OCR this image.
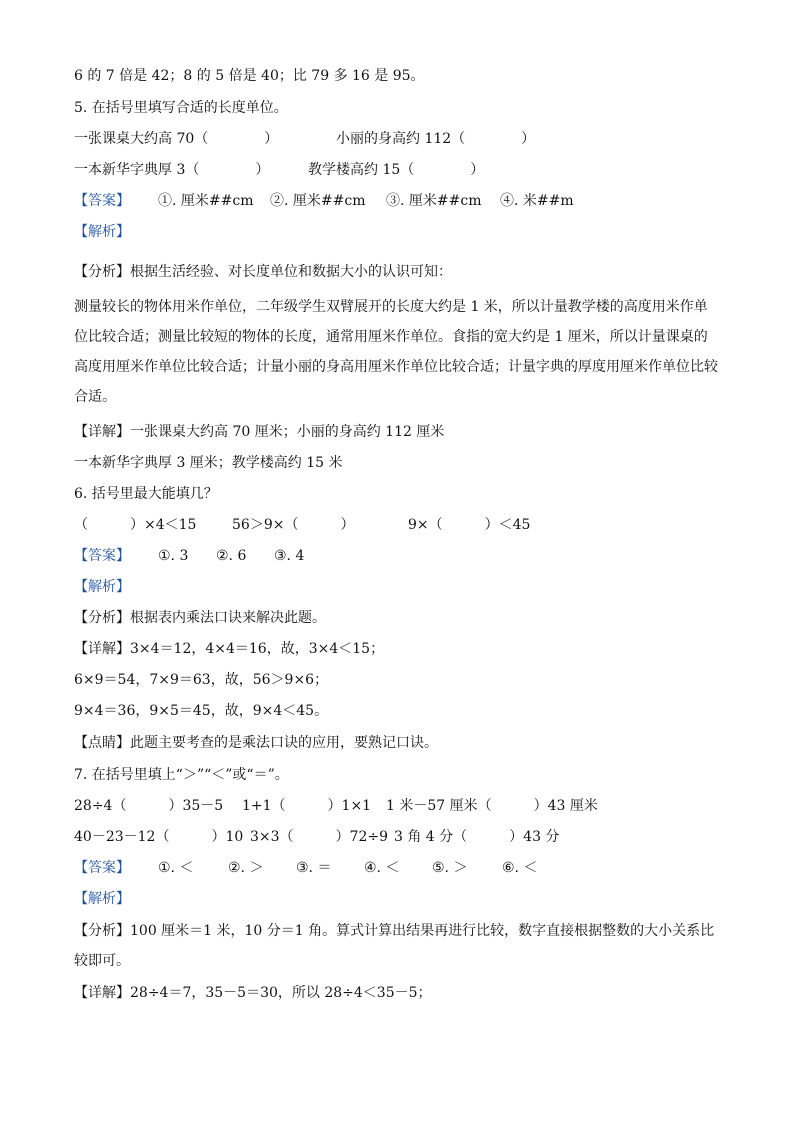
6 的 7 倍是 42；8 的 5 倍是 40；比 79 多 16 是 95。
5. 在括号里填写合适的长度单位。
一张课桌大约高 70（　　　　）	小丽的身高约 112（　　　　）
一本新华字典厚 3（　　　　）	教学楼高约 15（　　　　）
【答案】 ①. 厘米##cm ②. 厘米##cm ③. 厘米##cm ④. 米##m
【解析】
【分析】根据生活经验、对长度单位和数据大小的认识可知：
测量较长的物体用米作单位，二年级学生双臂展开的长度大约是 1 米，所以计量教学楼的高度用米作单位比较合适；测量比较短的物体的长度，通常用厘米作单位。食指的宽大约是 1 厘米，所以计量课桌的高度用厘米作单位比较合适；计量小丽的身高用厘米作单位比较合适；计量字典的厚度用厘米作单位比较合适。
【详解】一张课桌大约高 70 厘米；小丽的身高约 112 厘米
一本新华字典厚 3 厘米；教学楼高约 15 米
6. 括号里最大能填几？
（　　　）×4＜15	56＞9×（　　　）	9×（　　　）＜45
【答案】 ①. 3 ②. 6 ③. 4
【解析】
【分析】根据表内乘法口诀来解决此题。
【详解】3×4＝12，4×4＝16，故，3×4＜15；
6×9＝54，7×9＝63，故，56＞9×6；
9×4＝36，9×5＝45，故，9×4＜45。
【点睛】此题主要考查的是乘法口诀的应用，要熟记口诀。
7. 在括号里填上“＞”“＜”或“＝”。
28÷4（　　　）35－5 1+1（　　　）1×1 1 米－57 厘米（　　　）43 厘米
40－23－12（　　　）10 3×3（　　　）72÷9 3 角 4 分（　　　）43 分
【答案】 ①. ＜ ②. ＞ ③. ＝ ④. ＜ ⑤. ＞ ⑥. ＜
【解析】
【分析】100 厘米＝1 米，10 分＝1 角。算式计算出结果再进行比较，数字直接根据整数的大小关系比较即可。
【详解】28÷4＝7，35－5＝30，所以 28÷4＜35－5；
